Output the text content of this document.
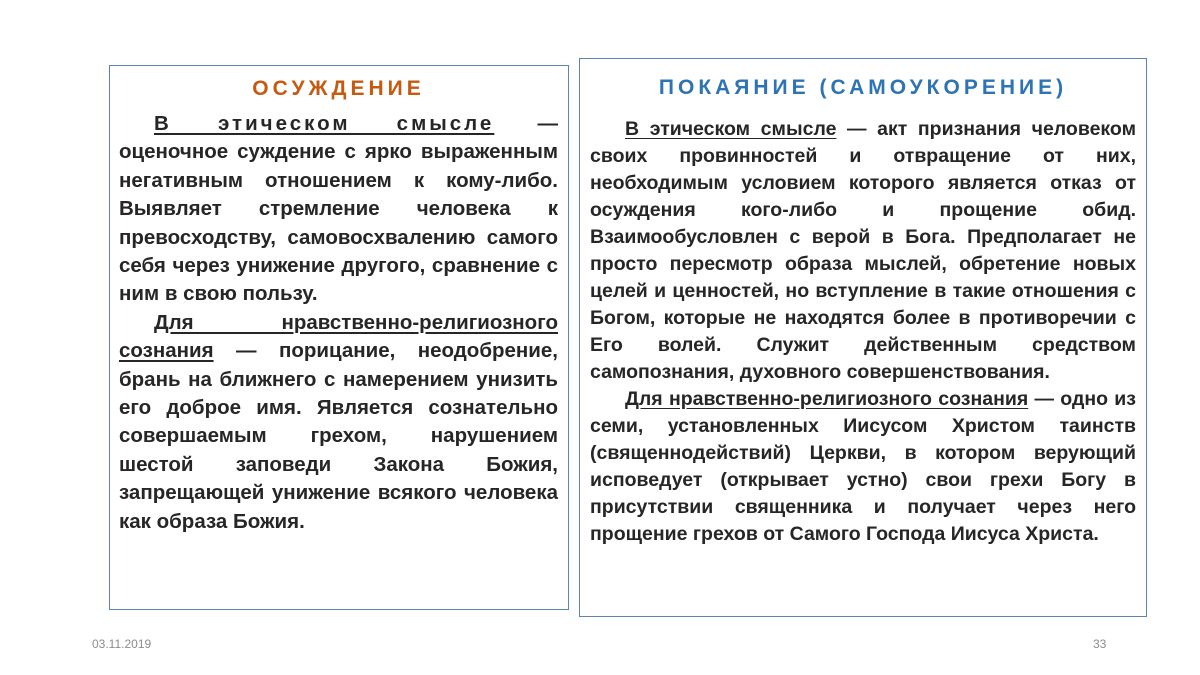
ОСУЖДЕНИЕ

В этическом смысле — оценочное суждение с ярко выраженным негативным отношением к кому-либо. Выявляет стремление человека к превосходству, самовосхвалению самого себя через унижение другого, сравнение с ним в свою пользу.

Для нравственно-религиозного сознания — порицание, неодобрение, брань на ближнего с намерением унизить его доброе имя. Является сознательно совершаемым грехом, нарушением шестой заповеди Закона Божия, запрещающей унижение всякого человека как образа Божия.

ПОКАЯНИЕ (САМОУКОРЕНИЕ)

В этическом смысле — акт признания человеком своих провинностей и отвращение от них, необходимым условием которого является отказ от осуждения кого-либо и прощение обид. Взаимообусловлен с верой в Бога. Предполагает не просто пересмотр образа мыслей, обретение новых целей и ценностей, но вступление в такие отношения с Богом, которые не находятся более в противоречии с Его волей. Служит действенным средством самопознания, духовного совершенствования.

Для нравственно-религиозного сознания — одно из семи, установленных Иисусом Христом таинств (священнодействий) Церкви, в котором верующий исповедует (открывает устно) свои грехи Богу в присутствии священника и получает через него прощение грехов от Самого Господа Иисуса Христа.

03.11.2019	33
